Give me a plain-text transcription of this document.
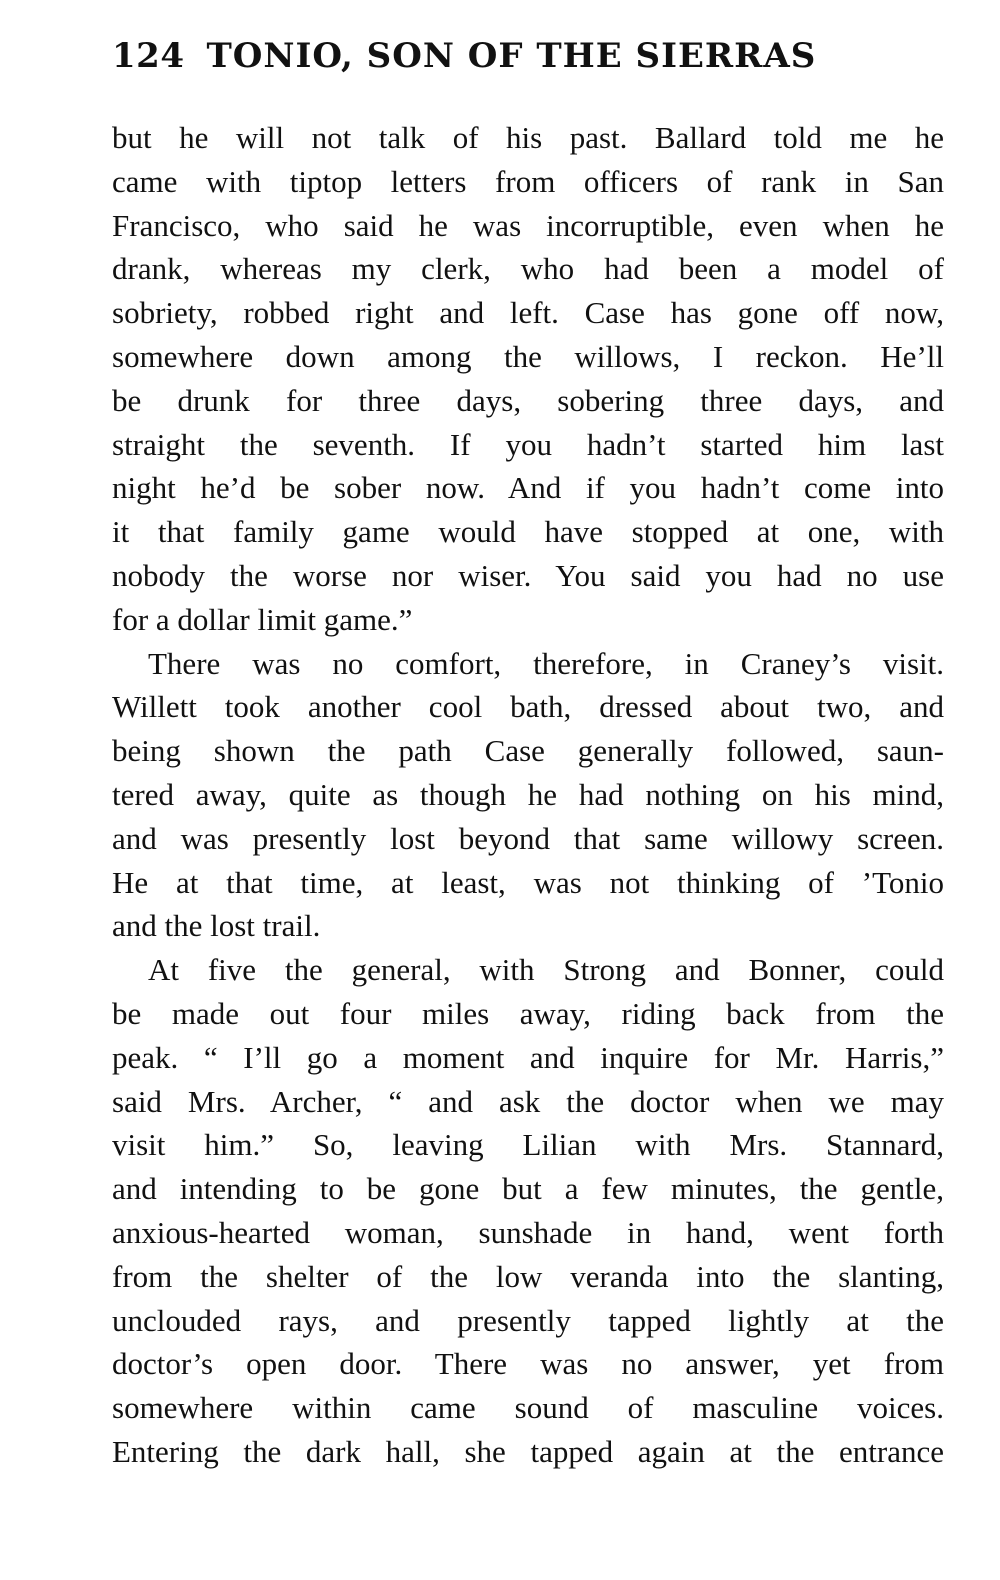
124 TONIO, SON OF THE SIERRAS
but he will not talk of his past. Ballard told me he
came with tiptop letters from officers of rank in San
Francisco, who said he was incorruptible, even when he
drank, whereas my clerk, who had been a model of
sobriety, robbed right and left. Case has gone off now,
somewhere down among the willows, I reckon. He’ll
be drunk for three days, sobering three days, and
straight the seventh. If you hadn’t started him last
night he’d be sober now. And if you hadn’t come into
it that family game would have stopped at one, with
nobody the worse nor wiser. You said you had no use
for a dollar limit game.”
There was no comfort, therefore, in Craney’s visit.
Willett took another cool bath, dressed about two, and
being shown the path Case generally followed, saun-
tered away, quite as though he had nothing on his mind,
and was presently lost beyond that same willowy screen.
He at that time, at least, was not thinking of ’Tonio
and the lost trail.
At five the general, with Strong and Bonner, could
be made out four miles away, riding back from the
peak. “ I’ll go a moment and inquire for Mr. Harris,”
said Mrs. Archer, “ and ask the doctor when we may
visit him.” So, leaving Lilian with Mrs. Stannard,
and intending to be gone but a few minutes, the gentle,
anxious-hearted woman, sunshade in hand, went forth
from the shelter of the low veranda into the slanting,
unclouded rays, and presently tapped lightly at the
doctor’s open door. There was no answer, yet from
somewhere within came sound of masculine voices.
Entering the dark hall, she tapped again at the entrance
